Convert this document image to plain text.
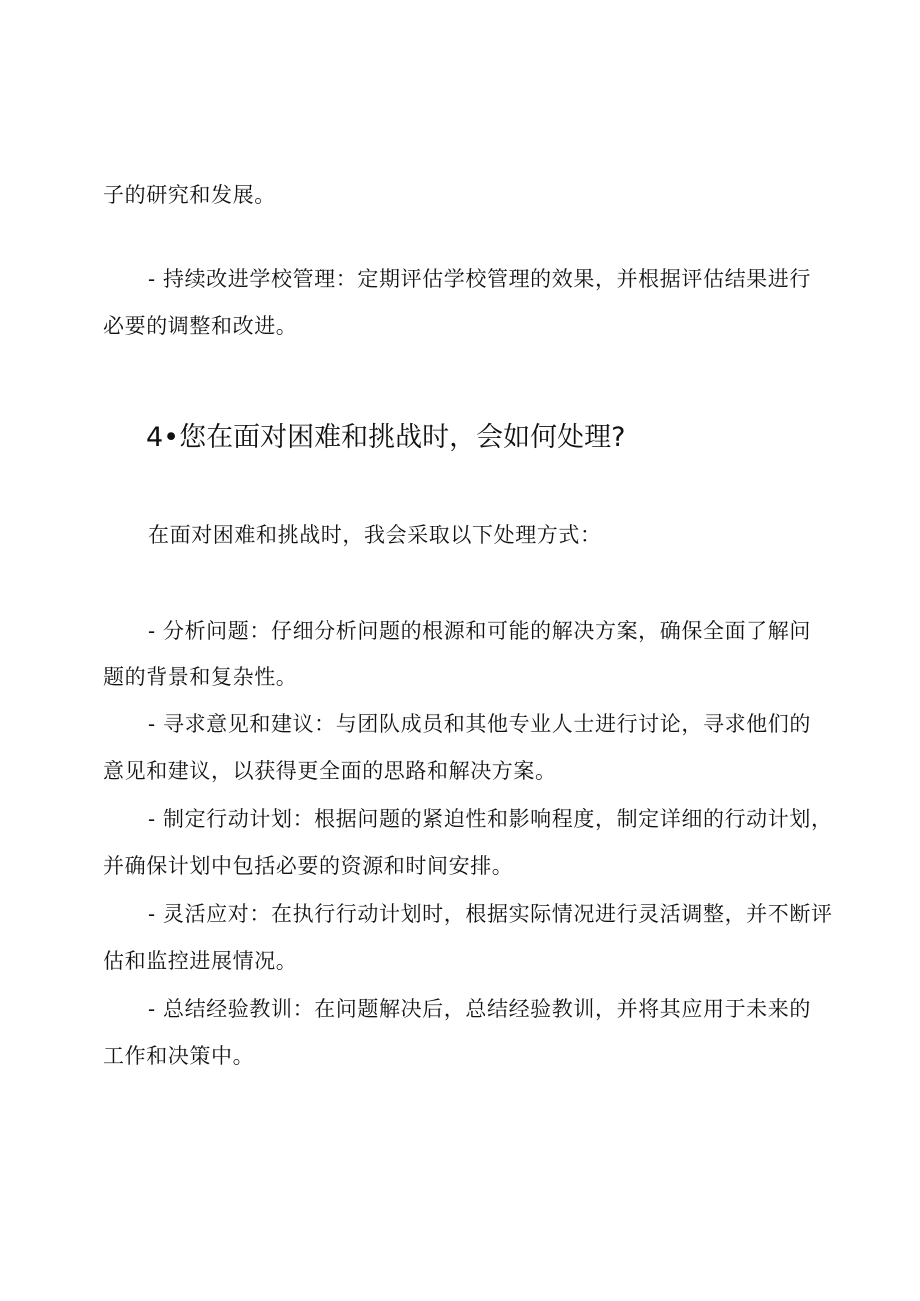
子的研究和发展。
- 持续改进学校管理：定期评估学校管理的效果，并根据评估结果进行
必要的调整和改进。
4•您在面对困难和挑战时，会如何处理?
在面对困难和挑战时，我会采取以下处理方式：
- 分析问题：仔细分析问题的根源和可能的解决方案，确保全面了解问
题的背景和复杂性。
- 寻求意见和建议：与团队成员和其他专业人士进行讨论，寻求他们的
意见和建议，以获得更全面的思路和解决方案。
- 制定行动计划：根据问题的紧迫性和影响程度，制定详细的行动计划，
并确保计划中包括必要的资源和时间安排。
- 灵活应对：在执行行动计划时，根据实际情况进行灵活调整，并不断评
估和监控进展情况。
- 总结经验教训：在问题解决后，总结经验教训，并将其应用于未来的
工作和决策中。
